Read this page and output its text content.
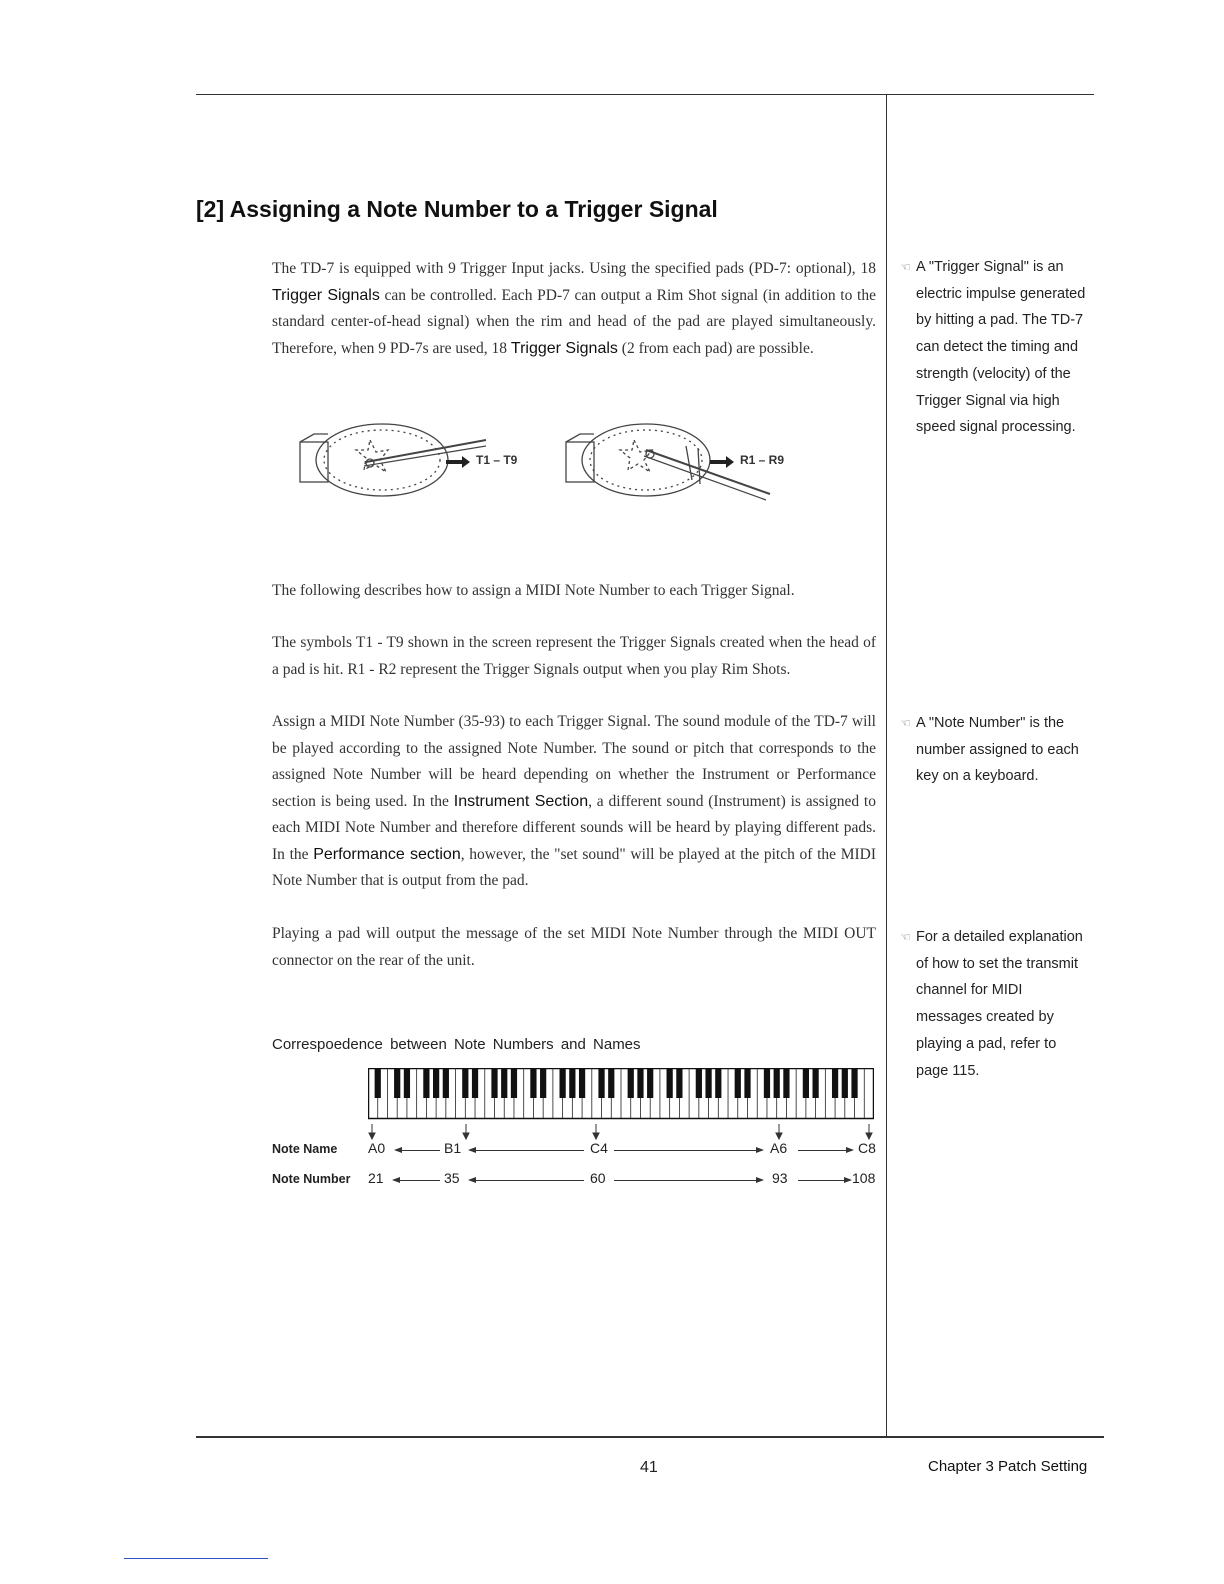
[2] Assigning a Note Number to a Trigger Signal

The TD-7 is equipped with 9 Trigger Input jacks. Using the specified pads (PD-7: optional), 18 Trigger Signals can be controlled. Each PD-7 can output a Rim Shot signal (in addition to the standard center-of-head signal) when the rim and head of the pad are played simultaneously. Therefore, when 9 PD-7s are used, 18 Trigger Signals (2 from each pad) are possible.

T1 – T9	R1 – R9

The following describes how to assign a MIDI Note Number to each Trigger Signal.

The symbols T1 - T9 shown in the screen represent the Trigger Signals created when the head of a pad is hit. R1 - R2 represent the Trigger Signals output when you play Rim Shots.

Assign a MIDI Note Number (35-93) to each Trigger Signal. The sound module of the TD-7 will be played according to the assigned Note Number. The sound or pitch that corresponds to the assigned Note Number will be heard depending on whether the Instrument or Performance section is being used. In the Instrument Section, a different sound (Instrument) is assigned to each MIDI Note Number and therefore different sounds will be heard by playing different pads. In the Performance section, however, the "set sound" will be played at the pitch of the MIDI Note Number that is output from the pad.

Playing a pad will output the message of the set MIDI Note Number through the MIDI OUT connector on the rear of the unit.

☜ A "Trigger Signal" is an electric impulse generated by hitting a pad. The TD-7 can detect the timing and strength (velocity) of the Trigger Signal via high speed signal processing.
☜ A "Note Number" is the number assigned to each key on a keyboard.
☜ For a detailed explanation of how to set the transmit channel for MIDI messages created by playing a pad, refer to page 115.
Correspoedence between Note Numbers and Names
Note Name A0	B1	C4	A6	C8
Note Number 21	35	60	93	108
41	Chapter 3 Patch Setting
